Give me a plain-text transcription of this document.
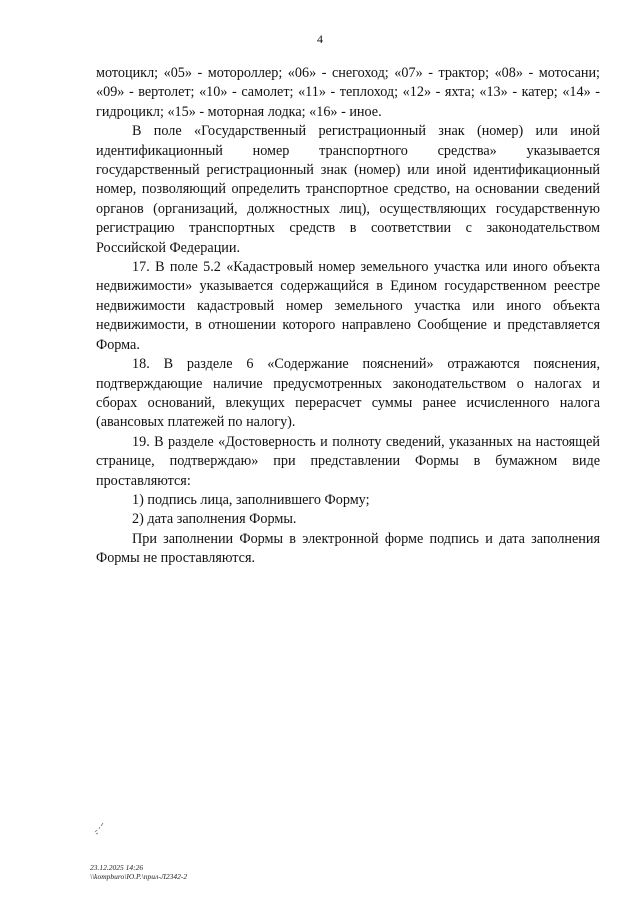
4

мотоцикл; «05» - мотороллер; «06» - снегоход; «07» - трактор; «08» - мотосани; «09» - вертолет; «10» - самолет; «11» - теплоход; «12» - яхта; «13» - катер; «14» - гидроцикл; «15» - моторная лодка; «16» - иное.

В поле «Государственный регистрационный знак (номер) или иной идентификационный номер транспортного средства» указывается государственный регистрационный знак (номер) или иной идентификационный номер, позволяющий определить транспортное средство, на основании сведений органов (организаций, должностных лиц), осуществляющих государственную регистрацию транспортных средств в соответствии с законодательством Российской Федерации.

17. В поле 5.2 «Кадастровый номер земельного участка или иного объекта недвижимости» указывается содержащийся в Едином государственном реестре недвижимости кадастровый номер земельного участка или иного объекта недвижимости, в отношении которого направлено Сообщение и представляется Форма.

18. В разделе 6 «Содержание пояснений» отражаются пояснения, подтверждающие наличие предусмотренных законодательством о налогах и сборах оснований, влекущих перерасчет суммы ранее исчисленного налога (авансовых платежей по налогу).

19. В разделе «Достоверность и полноту сведений, указанных на настоящей странице, подтверждаю» при представлении Формы в бумажном виде проставляются:

1) подпись лица, заполнившего Форму;

2) дата заполнения Формы.

При заполнении Формы в электронной форме подпись и дата заполнения Формы не проставляются.

23.12.2025 14:26
\\kompburo\Ю.Р.\прил-Л2342-2
